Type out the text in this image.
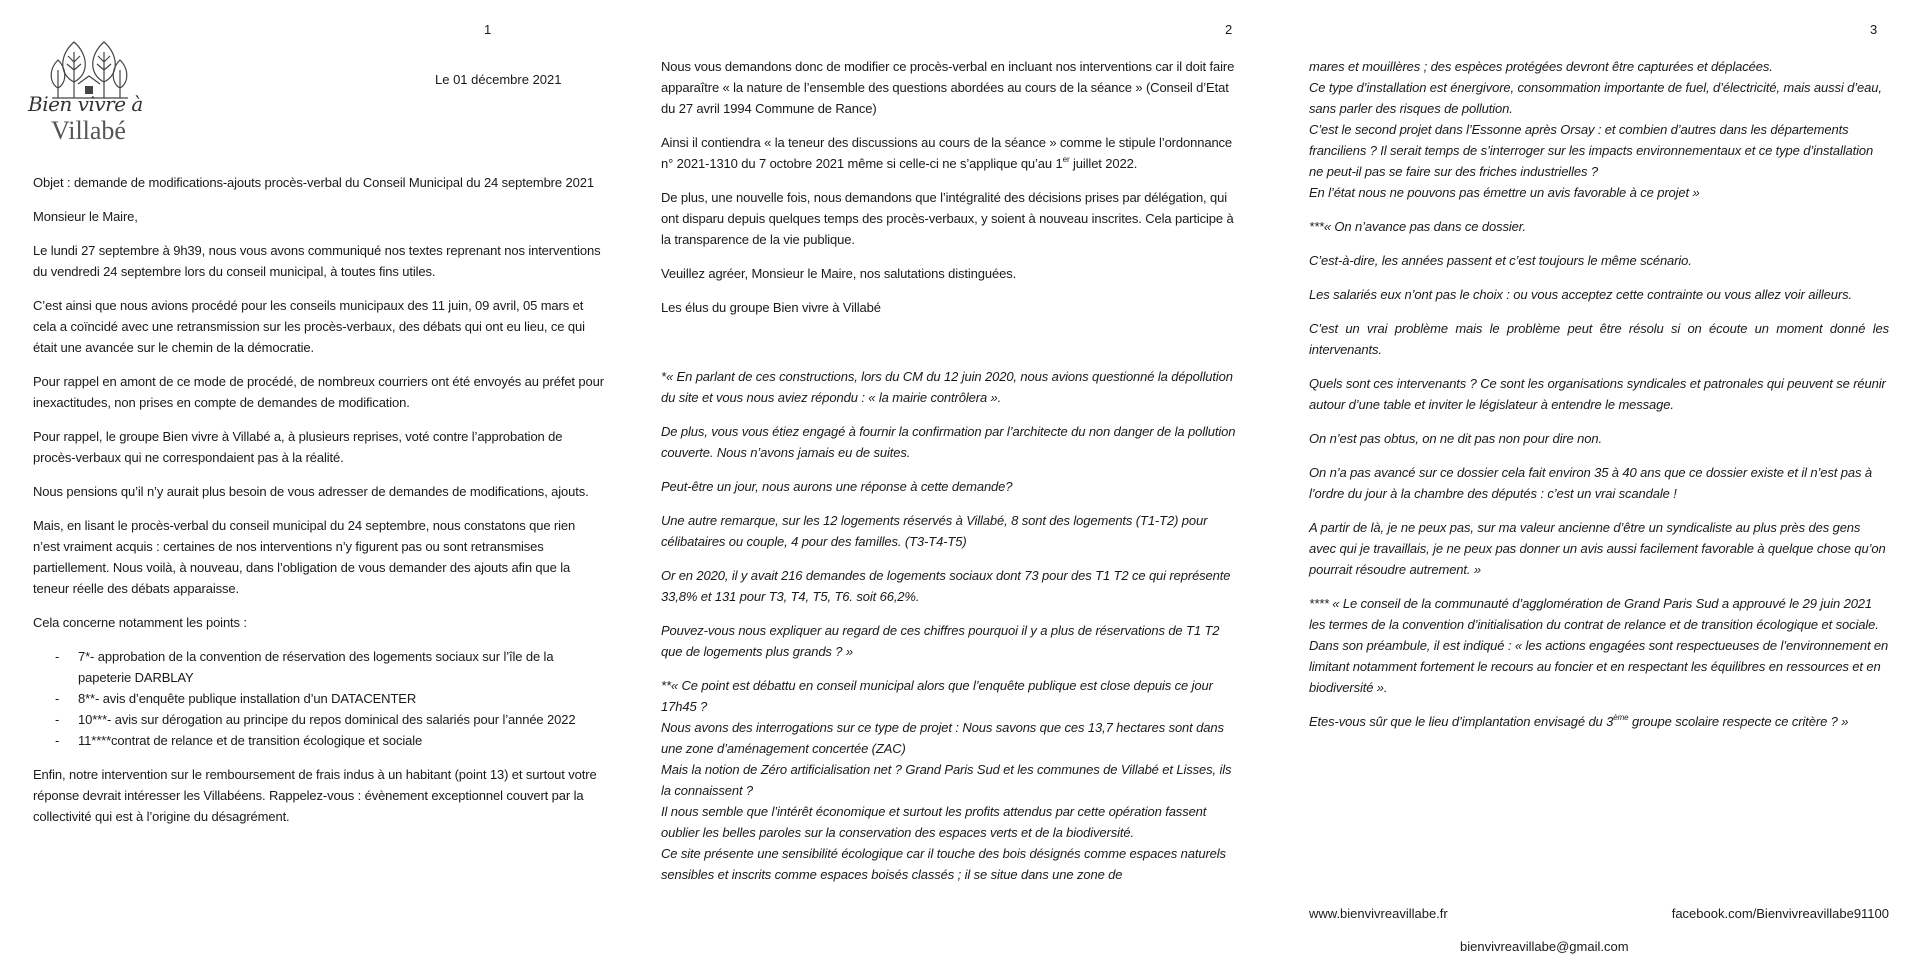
1	2	3
Bien vivre à
Villabé
Le 01 décembre 2021

Objet : demande de modifications-ajouts procès-verbal du Conseil Municipal du 24 septembre 2021

Monsieur le Maire,

Le lundi 27 septembre à 9h39, nous vous avons communiqué nos textes reprenant nos interventions du vendredi 24 septembre lors du conseil municipal, à toutes fins utiles.

C’est ainsi que nous avions procédé pour les conseils municipaux des 11 juin, 09 avril, 05 mars et cela a coïncidé avec une retransmission sur les procès-verbaux, des débats qui ont eu lieu, ce qui était une avancée sur le chemin de la démocratie.

Pour rappel en amont de ce mode de procédé, de nombreux courriers ont été envoyés au préfet pour inexactitudes, non prises en compte de demandes de modification.

Pour rappel, le groupe Bien vivre à Villabé a, à plusieurs reprises, voté contre l’approbation de procès-verbaux qui ne correspondaient pas à la réalité.

Nous pensions qu’il n’y aurait plus besoin de vous adresser de demandes de modifications, ajouts.

Mais, en lisant le procès-verbal du conseil municipal du 24 septembre, nous constatons que rien n’est vraiment acquis : certaines de nos interventions n’y figurent pas ou sont retransmises partiellement. Nous voilà, à nouveau, dans l’obligation de vous demander des ajouts afin que la teneur réelle des débats apparaisse.

Cela concerne notamment les points :

- 7*- approbation de la convention de réservation des logements sociaux sur l’île de la papeterie DARBLAY
- 8**- avis d’enquête publique installation d’un DATACENTER
- 10***- avis sur dérogation au principe du repos dominical des salariés pour l’année 2022
- 11****contrat de relance et de transition écologique et sociale

Enfin, notre intervention sur le remboursement de frais indus à un habitant (point 13) et surtout votre réponse devrait intéresser les Villabéens. Rappelez-vous : évènement exceptionnel couvert par la collectivité qui est à l’origine du désagrément.

Nous vous demandons donc de modifier ce procès-verbal en incluant nos interventions car il doit faire apparaître « la nature de l’ensemble des questions abordées au cours de la séance » (Conseil d’Etat du 27 avril 1994 Commune de Rance)

Ainsi il contiendra « la teneur des discussions au cours de la séance » comme le stipule l’ordonnance n° 2021-1310 du 7 octobre 2021 même si celle-ci ne s’applique qu’au 1er juillet 2022.

De plus, une nouvelle fois, nous demandons que l’intégralité des décisions prises par délégation, qui ont disparu depuis quelques temps des procès-verbaux, y soient à nouveau inscrites. Cela participe à la transparence de la vie publique.

Veuillez agréer, Monsieur le Maire, nos salutations distinguées.

Les élus du groupe Bien vivre à Villabé

*« En parlant de ces constructions, lors du CM du 12 juin 2020, nous avions questionné la dépollution du site et vous nous aviez répondu : « la mairie contrôlera ».

De plus, vous vous étiez engagé à fournir la confirmation par l’architecte du non danger de la pollution couverte. Nous n’avons jamais eu de suites.

Peut-être un jour, nous aurons une réponse à cette demande?

Une autre remarque, sur les 12 logements réservés à Villabé, 8 sont des logements (T1-T2) pour célibataires ou couple, 4 pour des familles. (T3-T4-T5)

Or en 2020, il y avait 216 demandes de logements sociaux dont 73 pour des T1 T2 ce qui représente 33,8% et 131 pour T3, T4, T5, T6. soit 66,2%.

Pouvez-vous nous expliquer au regard de ces chiffres pourquoi il y a plus de réservations de T1 T2 que de logements plus grands ? »

**« Ce point est débattu en conseil municipal alors que l’enquête publique est close depuis ce jour 17h45 ?
Nous avons des interrogations sur ce type de projet : Nous savons que ces 13,7 hectares sont dans une zone d’aménagement concertée (ZAC)
Mais la notion de Zéro artificialisation net ? Grand Paris Sud et les communes de Villabé et Lisses, ils la connaissent ?
Il nous semble que l’intérêt économique et surtout les profits attendus par cette opération fassent oublier les belles paroles sur la conservation des espaces verts et de la biodiversité.
Ce site présente une sensibilité écologique car il touche des bois désignés comme espaces naturels sensibles et inscrits comme espaces boisés classés ; il se situe dans une zone de

mares et mouillères ; des espèces protégées devront être capturées et déplacées.
Ce type d’installation est énergivore, consommation importante de fuel, d’électricité, mais aussi d’eau, sans parler des risques de pollution.
C’est le second projet dans l’Essonne après Orsay : et combien d’autres dans les départements franciliens ? Il serait temps de s’interroger sur les impacts environnementaux et ce type d’installation ne peut-il pas se faire sur des friches industrielles ?
En l’état nous ne pouvons pas émettre un avis favorable à ce projet »

***« On n’avance pas dans ce dossier.

C’est-à-dire, les années passent et c’est toujours le même scénario.

Les salariés eux n’ont pas le choix : ou vous acceptez cette contrainte ou vous allez voir ailleurs.

C’est un vrai problème mais le problème peut être résolu si on écoute un moment donné les intervenants.

Quels sont ces intervenants ? Ce sont les organisations syndicales et patronales qui peuvent se réunir autour d’une table et inviter le législateur à entendre le message.

On n’est pas obtus, on ne dit pas non pour dire non.

On n’a pas avancé sur ce dossier cela fait environ 35 à 40 ans que ce dossier existe et il n’est pas à l’ordre du jour à la chambre des députés : c’est un vrai scandale !

A partir de là, je ne peux pas, sur ma valeur ancienne d’être un syndicaliste au plus près des gens avec qui je travaillais, je ne peux pas donner un avis aussi facilement favorable à quelque chose qu’on pourrait résoudre autrement. »

**** « Le conseil de la communauté d’agglomération de Grand Paris Sud a approuvé le 29 juin 2021 les termes de la convention d’initialisation du contrat de relance et de transition écologique et sociale. Dans son préambule, il est indiqué : « les actions engagées sont respectueuses de l’environnement en limitant notamment fortement le recours au foncier et en respectant les équilibres en ressources et en biodiversité ».

Etes-vous sûr que le lieu d’implantation envisagé du 3ème groupe scolaire respecte ce critère ? »

www.bienvivreavillabe.fr	facebook.com/Bienvivreavillabe91100
bienvivreavillabe@gmail.com
